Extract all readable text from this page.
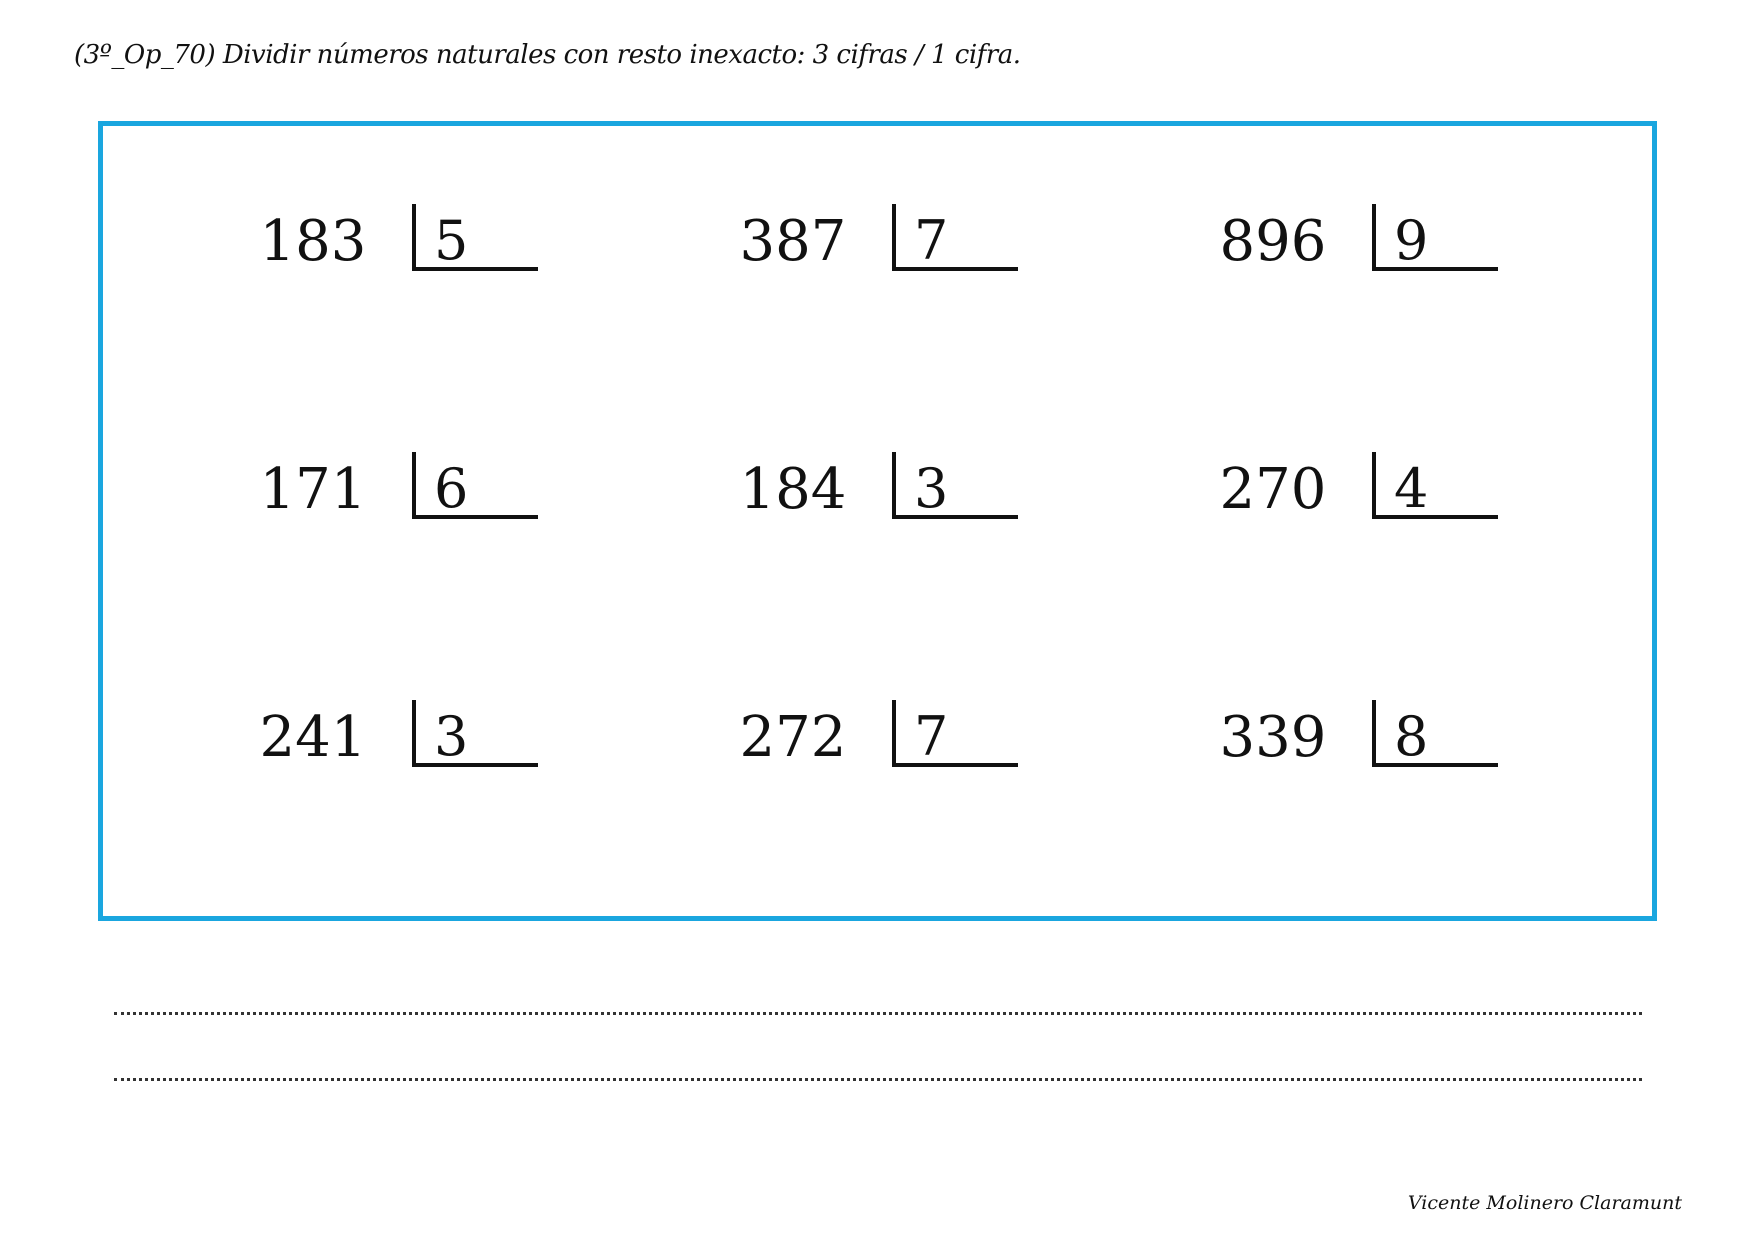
(3º_Op_70) Dividir números naturales con resto inexacto: 3 cifras / 1 cifra.
183 5	387 7	896 9
171 6	184 3	270 4
241 3	272 7	339 8
Vicente Molinero Claramunt
